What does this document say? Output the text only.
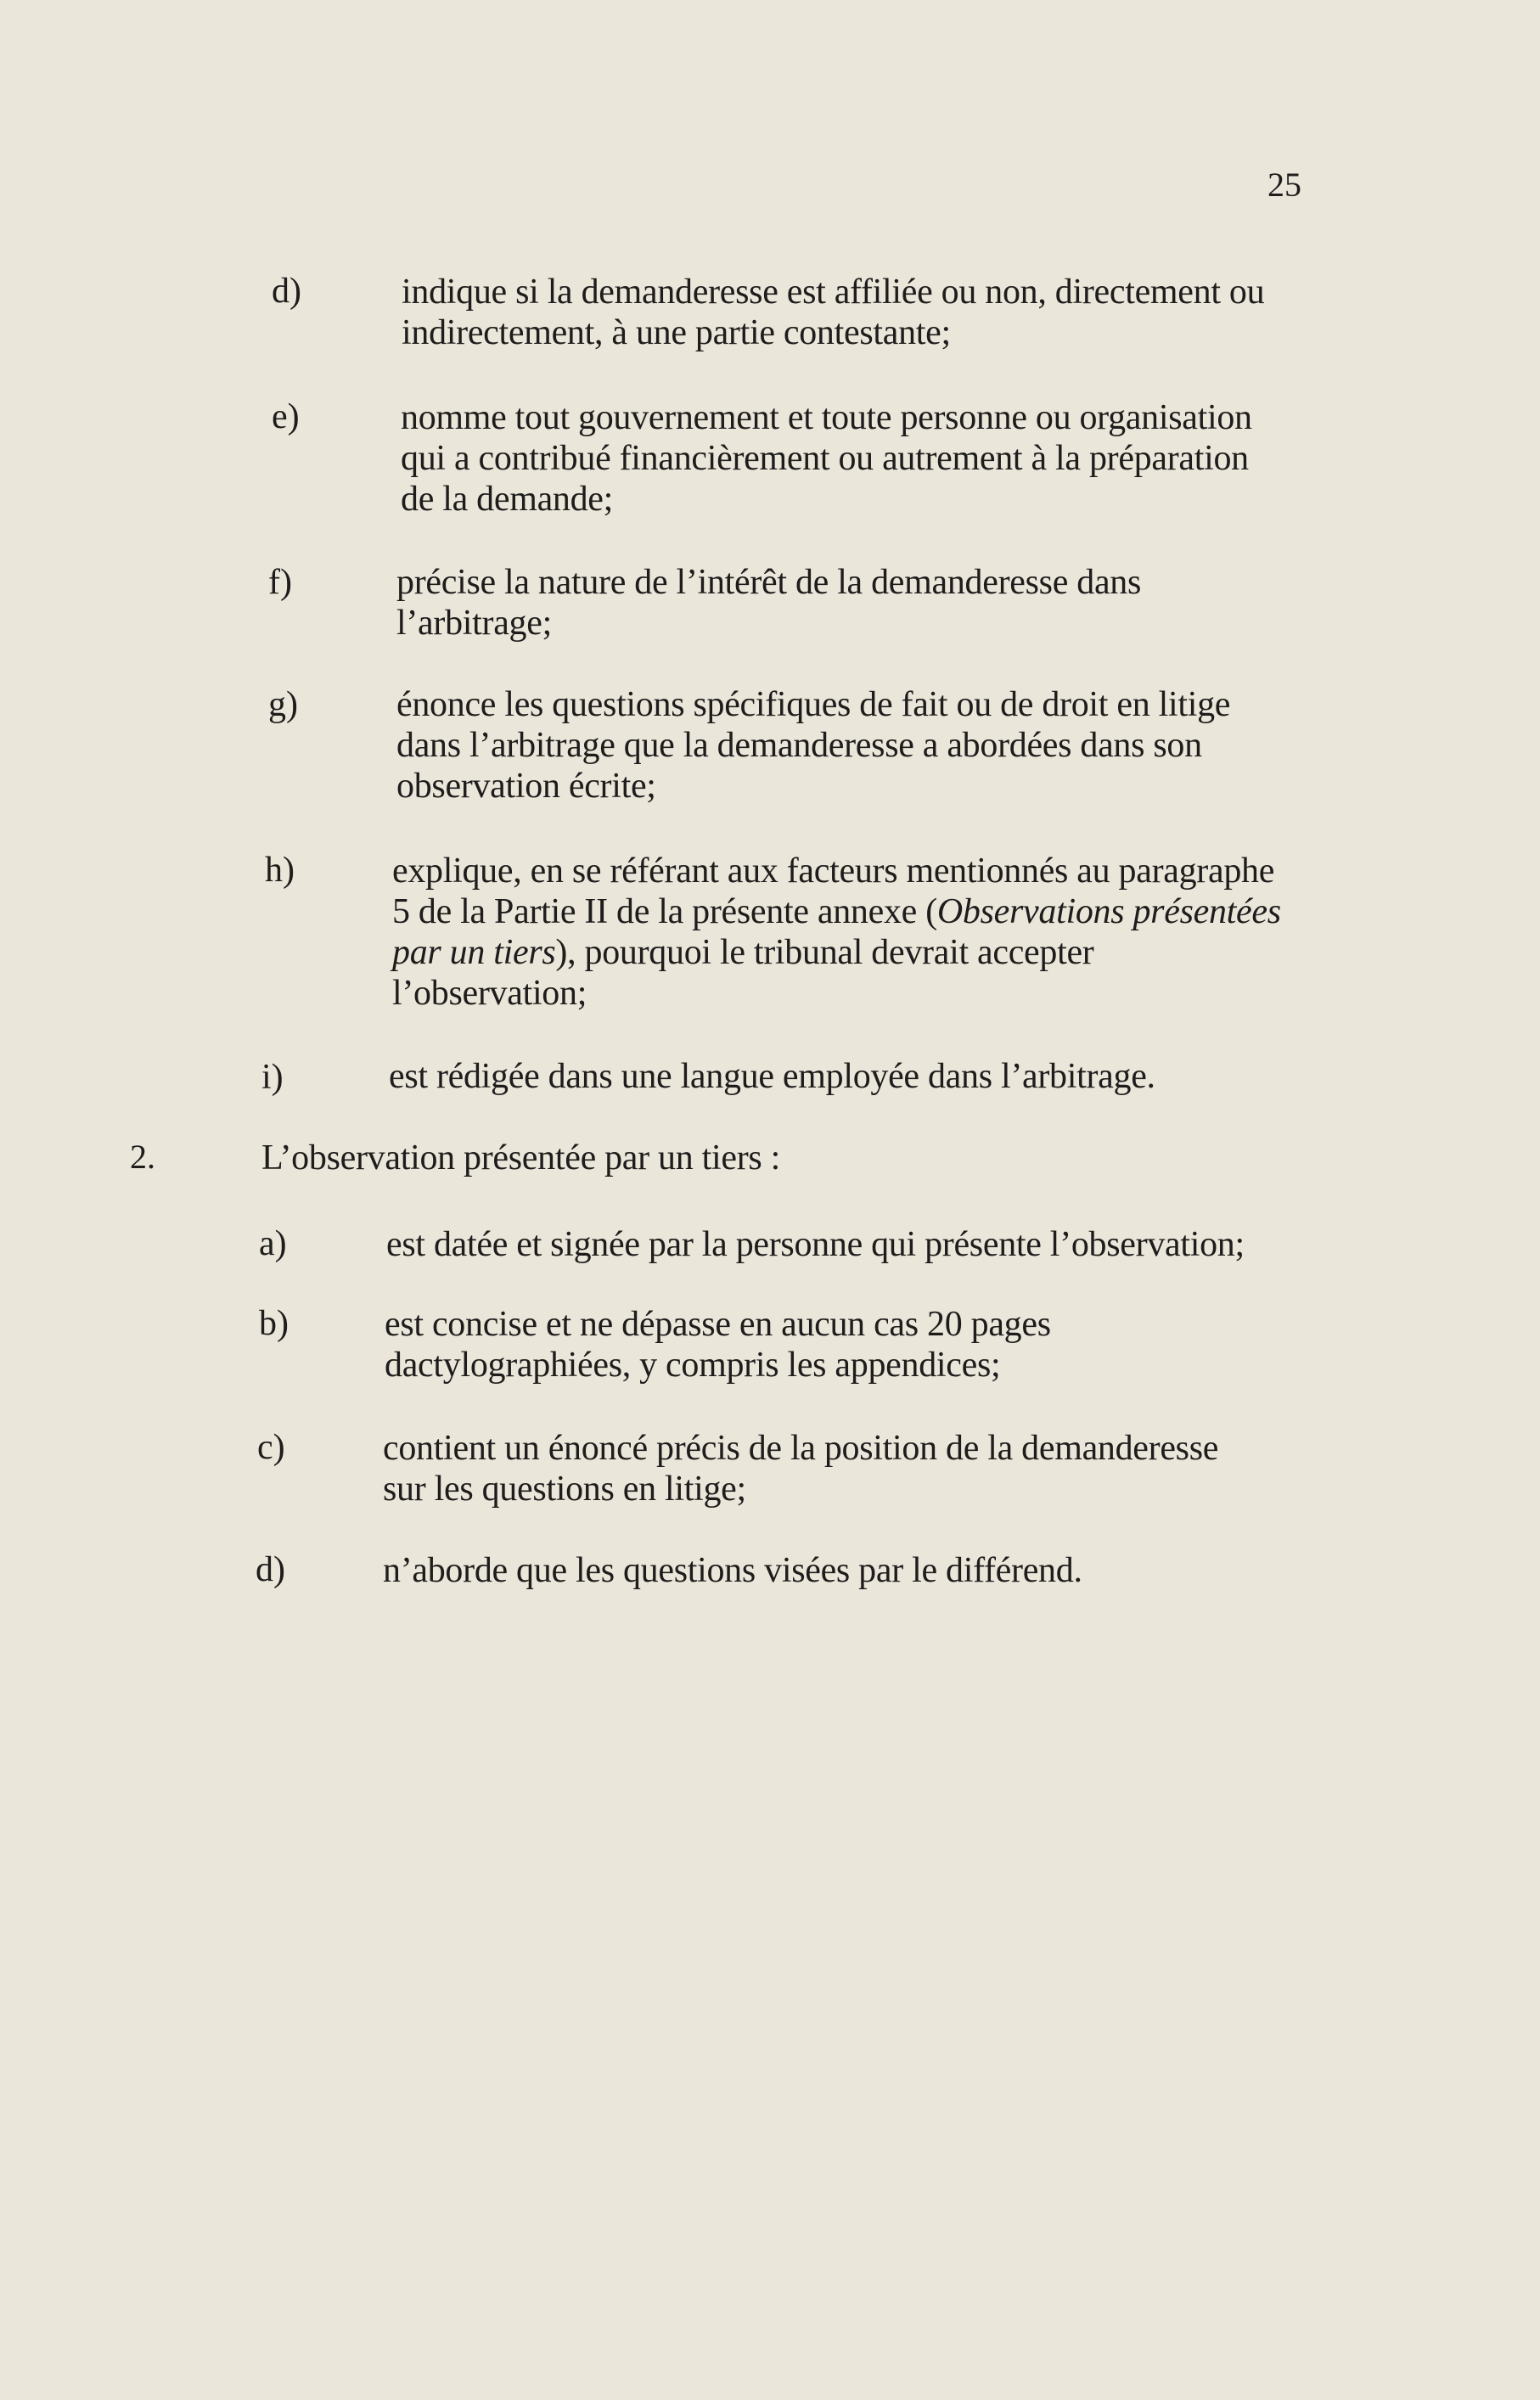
25
d)	indique si la demanderesse est affiliée ou non, directement ou indirectement, à une partie contestante;
e)	nomme tout gouvernement et toute personne ou organisation qui a contribué financièrement ou autrement à la préparation de la demande;
f)	précise la nature de l’intérêt de la demanderesse dans l’arbitrage;
g)	énonce les questions spécifiques de fait ou de droit en litige dans l’arbitrage que la demanderesse a abordées dans son observation écrite;
h)	explique, en se référant aux facteurs mentionnés au paragraphe 5 de la Partie II de la présente annexe (Observations présentées par un tiers), pourquoi le tribunal devrait accepter l’observation;
i)	est rédigée dans une langue employée dans l’arbitrage.
2.	L’observation présentée par un tiers :
a)	est datée et signée par la personne qui présente l’observation;
b)	est concise et ne dépasse en aucun cas 20 pages dactylographiées, y compris les appendices;
c)	contient un énoncé précis de la position de la demanderesse sur les questions en litige;
d)	n’aborde que les questions visées par le différend.
